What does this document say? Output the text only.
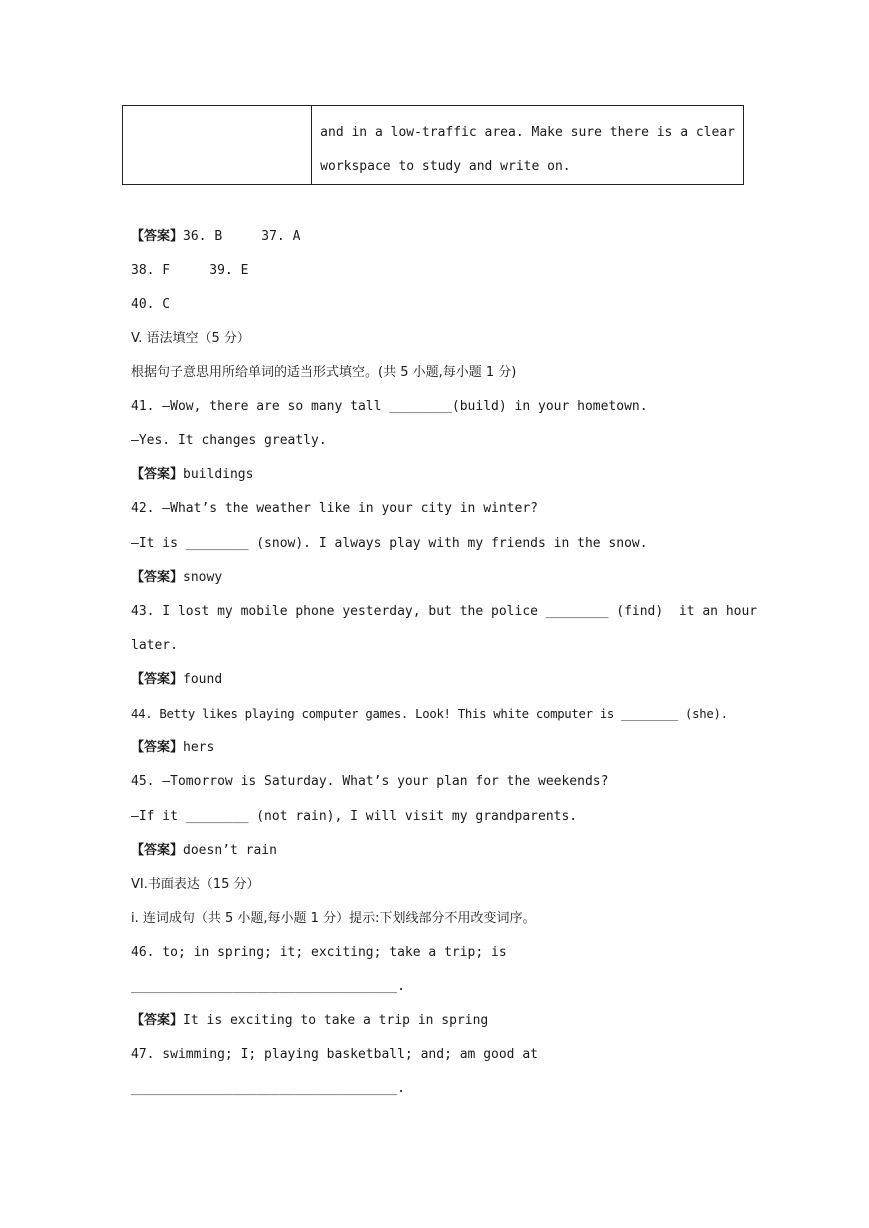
and in a low-traffic area. Make sure there is a clear
workspace to study and write on.
【答案】36. B     37. A
38. F     39. E
40. C
V. 语法填空（5 分）
根据句子意思用所给单词的适当形式填空。(共 5 小题,每小题 1 分)
41. —Wow, there are so many tall ________(build) in your hometown.
—Yes. It changes greatly.
【答案】buildings
42. —What’s the weather like in your city in winter?
—It is ________ (snow). I always play with my friends in the snow.
【答案】snowy
43. I lost my mobile phone yesterday, but the police ________ (find)  it an hour
later.
【答案】found
44. Betty likes playing computer games. Look! This white computer is ________ (she).
【答案】hers
45. —Tomorrow is Saturday. What’s your plan for the weekends?
—If it ________ (not rain), I will visit my grandparents.
【答案】doesn’t rain
VI.书面表达（15 分）
i. 连词成句（共 5 小题,每小题 1 分）提示:下划线部分不用改变词序。
46. to; in spring; it; exciting; take a trip; is
__________________________________.
【答案】It is exciting to take a trip in spring
47. swimming; I; playing basketball; and; am good at
__________________________________.
